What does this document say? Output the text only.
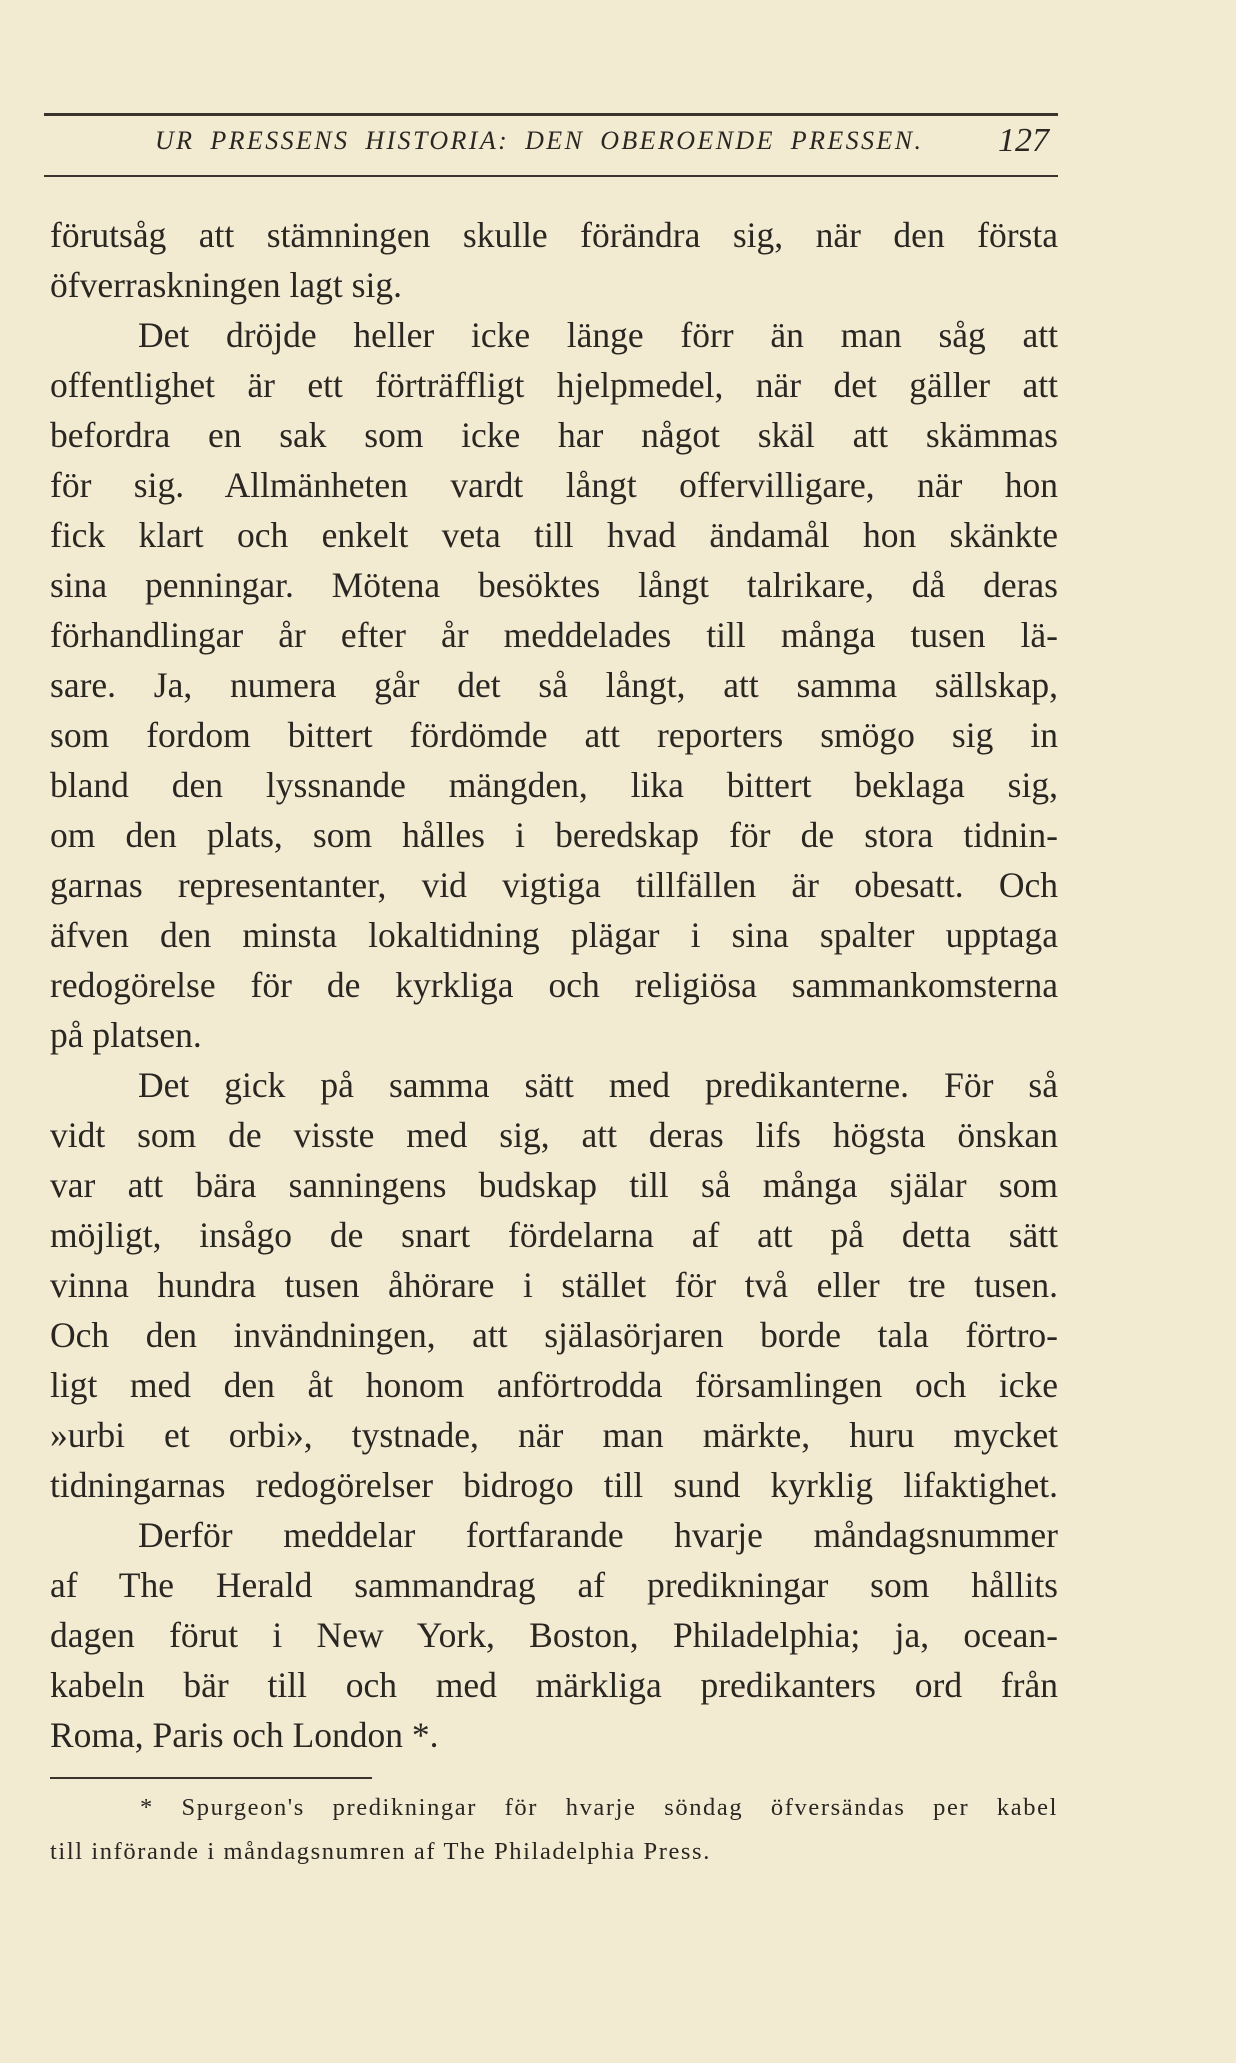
UR PRESSENS HISTORIA: DEN OBEROENDE PRESSEN. 127
förutsåg att stämningen skulle förändra sig, när den första
öfverraskningen lagt sig.
Det dröjde heller icke länge förr än man såg att
offentlighet är ett förträffligt hjelpmedel, när det gäller att
befordra en sak som icke har något skäl att skämmas
för sig. Allmänheten vardt långt offervilligare, när hon
fick klart och enkelt veta till hvad ändamål hon skänkte
sina penningar. Mötena besöktes långt talrikare, då deras
förhandlingar år efter år meddelades till många tusen lä-
sare. Ja, numera går det så långt, att samma sällskap,
som fordom bittert fördömde att reporters smögo sig in
bland den lyssnande mängden, lika bittert beklaga sig,
om den plats, som hålles i beredskap för de stora tidnin-
garnas representanter, vid vigtiga tillfällen är obesatt. Och
äfven den minsta lokaltidning plägar i sina spalter upptaga
redogörelse för de kyrkliga och religiösa sammankomsterna
på platsen.
Det gick på samma sätt med predikanterne. För så
vidt som de visste med sig, att deras lifs högsta önskan
var att bära sanningens budskap till så många själar som
möjligt, insågo de snart fördelarna af att på detta sätt
vinna hundra tusen åhörare i stället för två eller tre tusen.
Och den invändningen, att själasörjaren borde tala förtro-
ligt med den åt honom anförtrodda församlingen och icke
»urbi et orbi», tystnade, när man märkte, huru mycket
tidningarnas redogörelser bidrogo till sund kyrklig lifaktighet.
Derför meddelar fortfarande hvarje måndagsnummer
af The Herald sammandrag af predikningar som hållits
dagen förut i New York, Boston, Philadelphia; ja, ocean-
kabeln bär till och med märkliga predikanters ord från
Roma, Paris och London *.
* Spurgeon's predikningar för hvarje söndag öfversändas per kabel
till införande i måndagsnumren af The Philadelphia Press.
